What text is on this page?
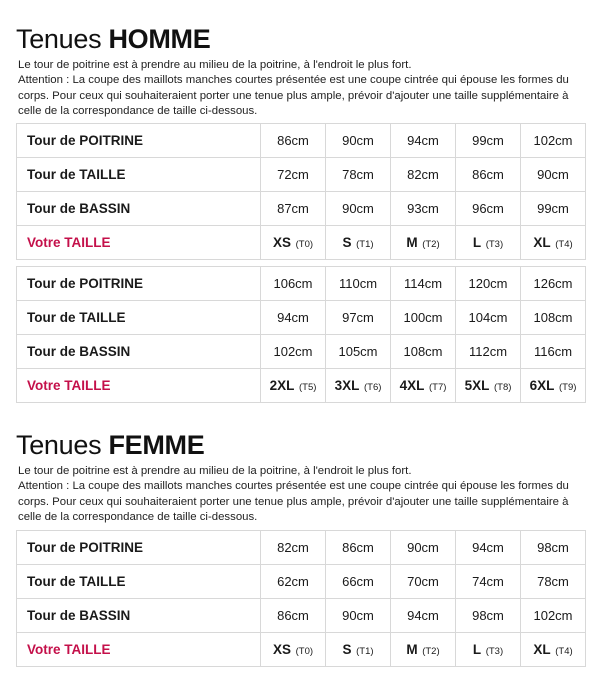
Tenues HOMME

Le tour de poitrine est à prendre au milieu de la poitrine, à l'endroit le plus fort.
Attention : La coupe des maillots manches courtes présentée est une coupe cintrée qui épouse les formes du
corps. Pour ceux qui souhaiteraient porter une tenue plus ample, prévoir d'ajouter une taille supplémentaire à
celle de la correspondance de taille ci-dessous.

Tour de POITRINE	86cm	90cm	94cm	99cm	102cm
Tour de TAILLE	72cm	78cm	82cm	86cm	90cm
Tour de BASSIN	87cm	90cm	93cm	96cm	99cm
Votre TAILLE	XS (T0)	S (T1)	M (T2)	L (T3)	XL (T4)
Tour de POITRINE	106cm	110cm	114cm	120cm	126cm
Tour de TAILLE	94cm	97cm	100cm	104cm	108cm
Tour de BASSIN	102cm	105cm	108cm	112cm	116cm
Votre TAILLE	2XL (T5)	3XL (T6)	4XL (T7)	5XL (T8)	6XL (T9)
Tenues FEMME

Le tour de poitrine est à prendre au milieu de la poitrine, à l'endroit le plus fort.
Attention : La coupe des maillots manches courtes présentée est une coupe cintrée qui épouse les formes du
corps. Pour ceux qui souhaiteraient porter une tenue plus ample, prévoir d'ajouter une taille supplémentaire à
celle de la correspondance de taille ci-dessous.

Tour de POITRINE	82cm	86cm	90cm	94cm	98cm
Tour de TAILLE	62cm	66cm	70cm	74cm	78cm
Tour de BASSIN	86cm	90cm	94cm	98cm	102cm
Votre TAILLE	XS (T0)	S (T1)	M (T2)	L (T3)	XL (T4)
